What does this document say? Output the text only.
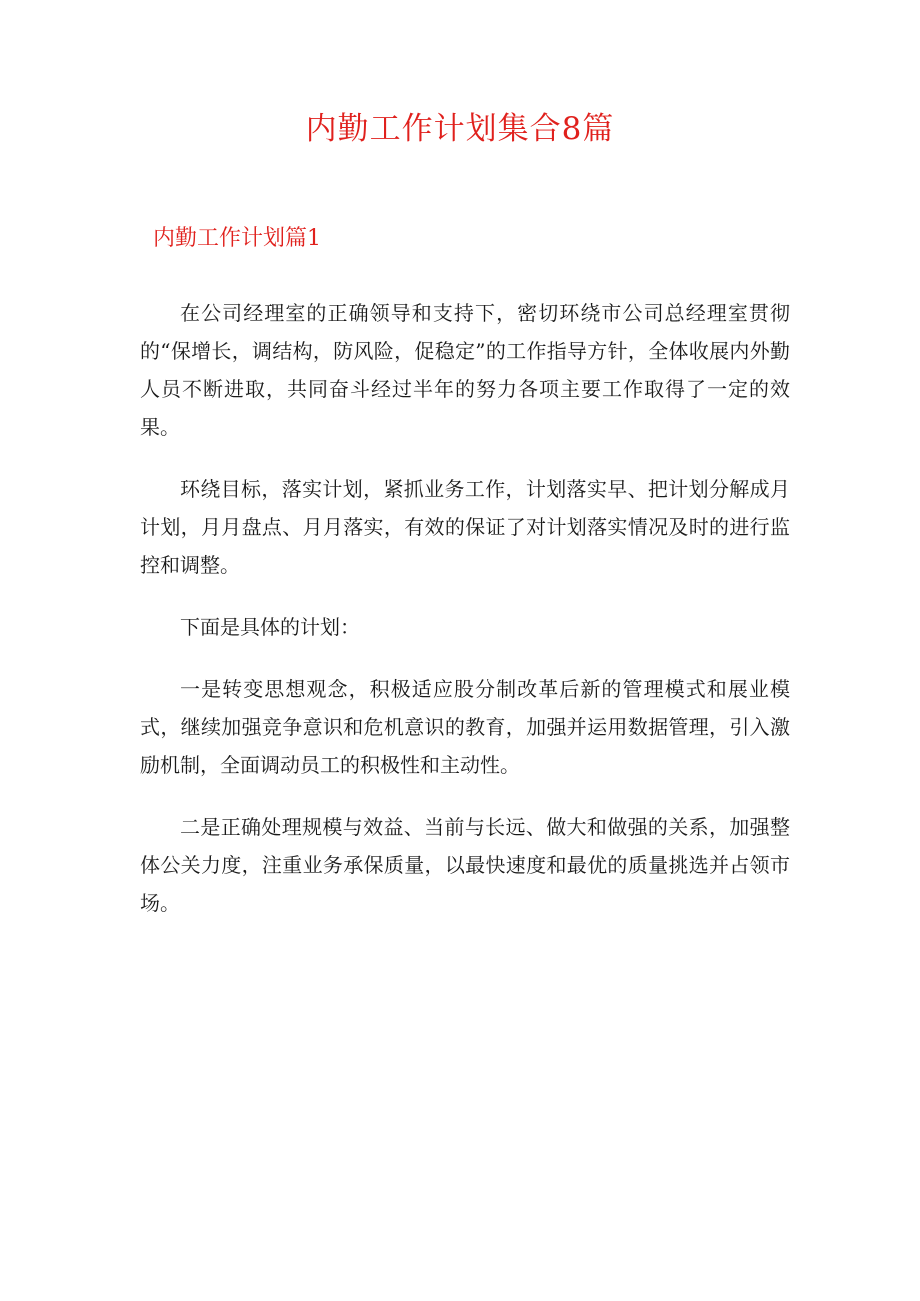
内勤工作计划集合8篇
内勤工作计划篇1

在公司经理室的正确领导和支持下，密切环绕市公司总经理室贯彻的“保增长，调结构，防风险，促稳定”的工作指导方针，全体收展内外勤人员不断进取，共同奋斗经过半年的努力各项主要工作取得了一定的效果。

环绕目标，落实计划，紧抓业务工作，计划落实早、把计划分解成月计划，月月盘点、月月落实，有效的保证了对计划落实情况及时的进行监控和调整。

下面是具体的计划：

一是转变思想观念，积极适应股分制改革后新的管理模式和展业模式，继续加强竞争意识和危机意识的教育，加强并运用数据管理，引入激励机制，全面调动员工的积极性和主动性。

二是正确处理规模与效益、当前与长远、做大和做强的关系，加强整体公关力度，注重业务承保质量，以最快速度和最优的质量挑选并占领市场。
